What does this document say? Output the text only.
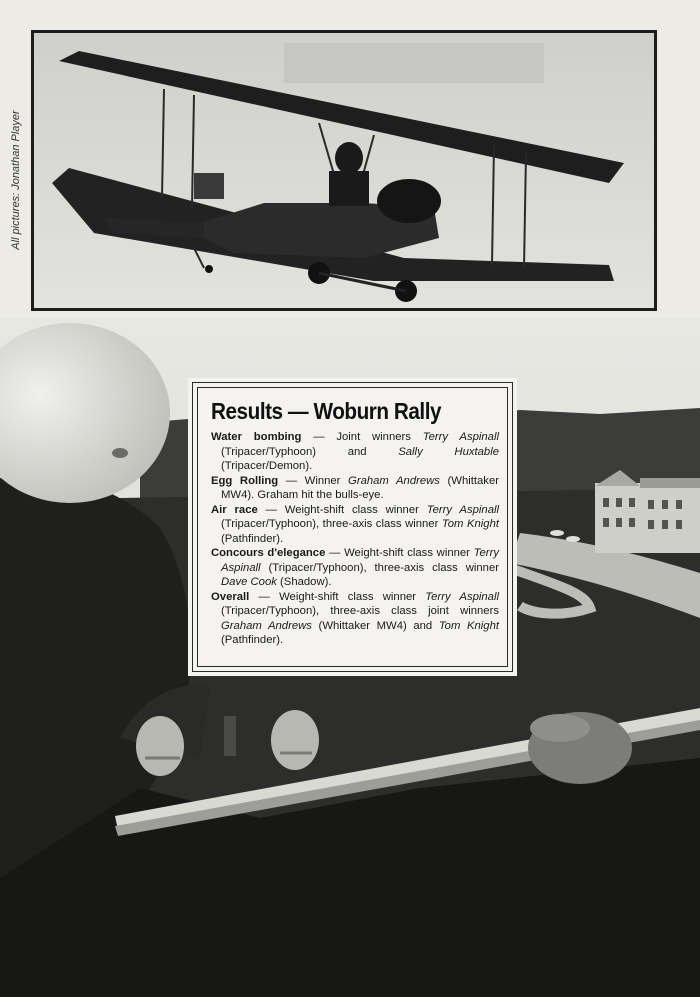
All pictures: Jonathan Player
Results — Woburn Rally

Water bombing — Joint winners Terry Aspinall (Tripacer/Typhoon) and Sally Huxtable (Tripacer/Demon).

Egg Rolling — Winner Graham Andrews (Whittaker MW4). Graham hit the bulls-eye.

Air race — Weight-shift class winner Terry Aspinall (Tripacer/Typhoon), three-axis class winner Tom Knight (Pathfinder).

Concours d'elegance — Weight-shift class winner Terry Aspinall (Tripacer/Typhoon), three-axis class winner Dave Cook (Shadow).

Overall — Weight-shift class winner Terry Aspinall (Tripacer/Typhoon), three-axis class joint winners Graham Andrews (Whittaker MW4) and Tom Knight (Pathfinder).
